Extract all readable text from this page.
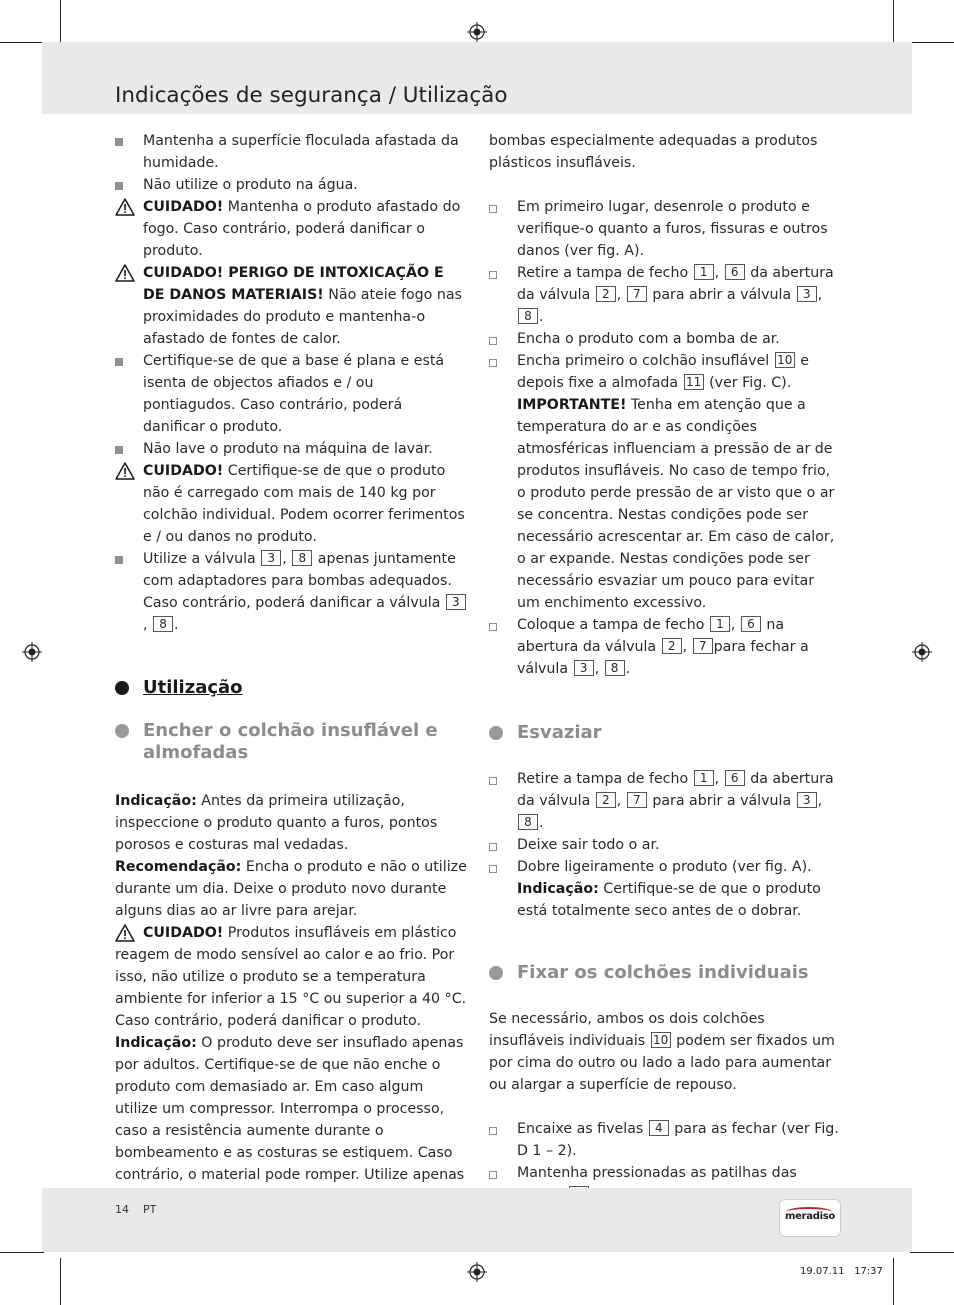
Indicações de segurança / Utilização

Mantenha a superfície floculada afastada da humidade.

Não utilize o produto na água.

CUIDADO! Mantenha o produto afastado do fogo. Caso contrário, poderá danificar o produto.

CUIDADO! PERIGO DE INTOXICAÇÃO E DE DANOS MATERIAIS! Não ateie fogo nas proximidades do produto e mantenha-o afastado de fontes de calor.

Certifique-se de que a base é plana e está isenta de objectos afiados e / ou pontiagudos. Caso contrário, poderá danificar o produto.

Não lave o produto na máquina de lavar.

CUIDADO! Certifique-se de que o produto não é carregado com mais de 140 kg por colchão individual. Podem ocorrer ferimentos e / ou danos no produto.

Utilize a válvula 3 , 8 apenas juntamente com adaptadores para bombas adequados. Caso contrário, poderá danificar a válvula 3, 8 .

Utilização
Encher o colchão insuflável e almofadas

Indicação: Antes da primeira utilização, inspeccione o produto quanto a furos, pontos porosos e costuras mal vedadas.

Recomendação: Encha o produto e não o utilize durante um dia. Deixe o produto novo durante alguns dias ao ar livre para arejar.

CUIDADO! Produtos insufláveis em plástico reagem de modo sensível ao calor e ao frio. Por isso, não utilize o produto se a temperatura ambiente for inferior a 15 °C ou superior a 40 °C. Caso contrário, poderá danificar o produto.

Indicação: O produto deve ser insuflado apenas por adultos. Certifique-se de que não enche o produto com demasiado ar. Em caso algum utilize um compressor. Interrompa o processo, caso a resistência aumente durante o bombeamento e as costuras se estiquem. Caso contrário, o material pode romper. Utilize apenas

bombas especialmente adequadas a produtos plásticos insufláveis.

Em primeiro lugar, desenrole o produto e verifique-o quanto a furos, fissuras e outros danos (ver fig. A).

Retire a tampa de fecho 1 , 6 da abertura da válvula 2 , 7 para abrir a válvula 3 , 8 .

Encha o produto com a bomba de ar.

Encha primeiro o colchão insuflável 10 e depois fixe a almofada 11 (ver Fig. C).
IMPORTANTE! Tenha em atenção que a temperatura do ar e as condições atmosféricas influenciam a pressão de ar de produtos insufláveis. No caso de tempo frio, o produto perde pressão de ar visto que o ar se concentra. Nestas condições pode ser necessário acrescentar ar. Em caso de calor, o ar expande. Nestas condições pode ser necessário esvaziar um pouco para evitar um enchimento excessivo.

Coloque a tampa de fecho 1 , 6 na abertura da válvula 2 , 7 para fechar a válvula 3 , 8 .

Esvaziar

Retire a tampa de fecho 1 , 6 da abertura da válvula 2 , 7 para abrir a válvula 3 , 8 .

Deixe sair todo o ar.

Dobre ligeiramente o produto (ver fig. A).
Indicação: Certifique-se de que o produto está totalmente seco antes de o dobrar.

Fixar os colchões individuais

Se necessário, ambos os dois colchões insufláveis individuais 10 podem ser fixados um por cima do outro ou lado a lado para aumentar ou alargar a superfície de repouso.

Encaixe as fivelas 4 para as fechar (ver Fig. D 1 – 2).

Mantenha pressionadas as patilhas das

14 PT
meradiso
19.07.11 17:37
